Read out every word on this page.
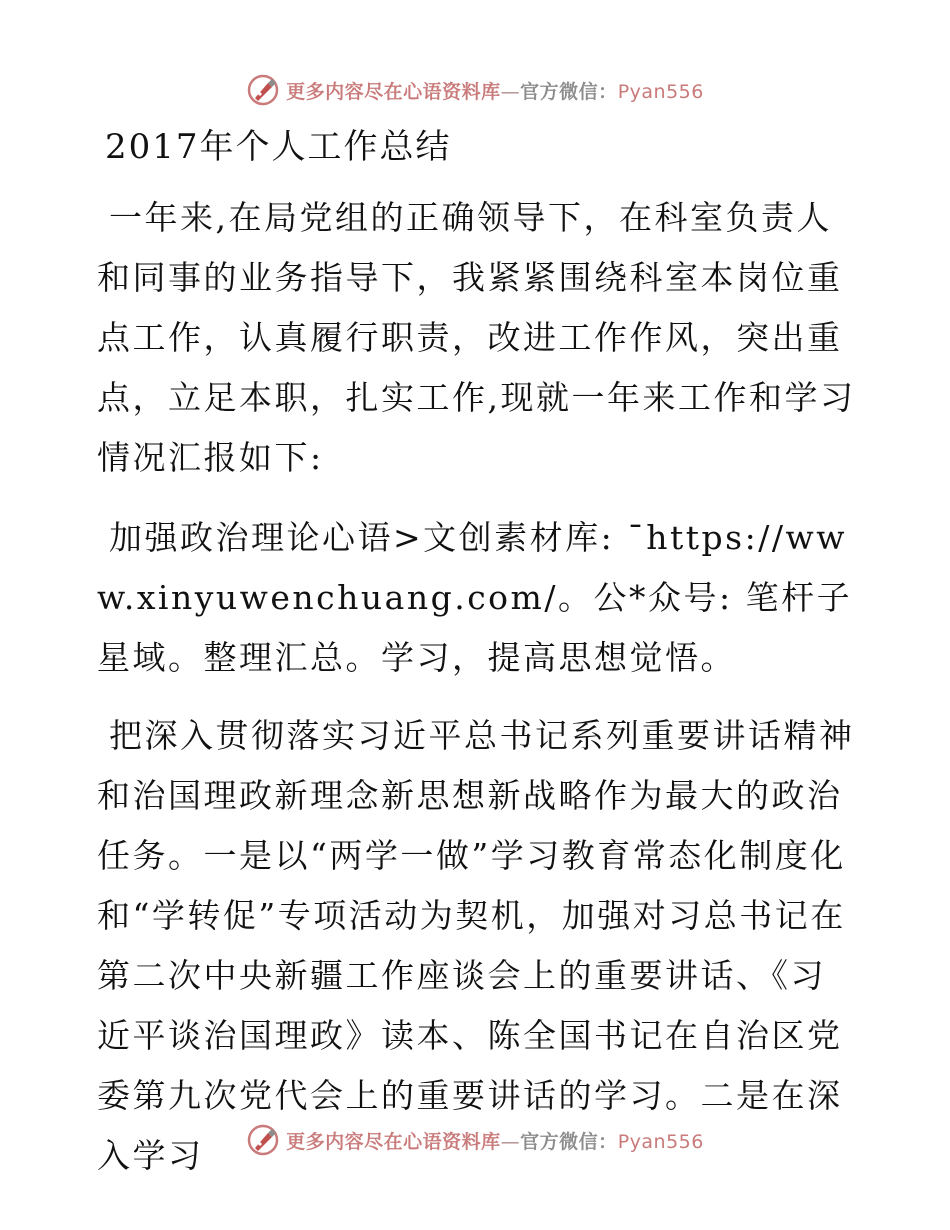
更多内容尽在心语资料库—官方微信：Pyan556
2017年个人工作总结

一年来,在局党组的正确领导下，在科室负责人和同事的业务指导下，我紧紧围绕科室本岗位重点工作，认真履行职责，改进工作作风，突出重点，立足本职，扎实工作,现就一年来工作和学习情况汇报如下:

加强政治理论心语>文创素材库: ¯https://www.xinyuwenchuang.com/。公*众号: 笔杆子星域。整理汇总。学习，提高思想觉悟。

把深入贯彻落实习近平总书记系列重要讲话精神和治国理政新理念新思想新战略作为最大的政治任务。一是以“两学一做”学习教育常态化制度化和“学转促”专项活动为契机，加强对习总书记在第二次中央新疆工作座谈会上的重要讲话、《习近平谈治国理政》读本、陈全国书记在自治区党委第九次党代会上的重要讲话的学习。二是在深入学习	更多内容尽在心语资料库—官方微信：Pyan556
